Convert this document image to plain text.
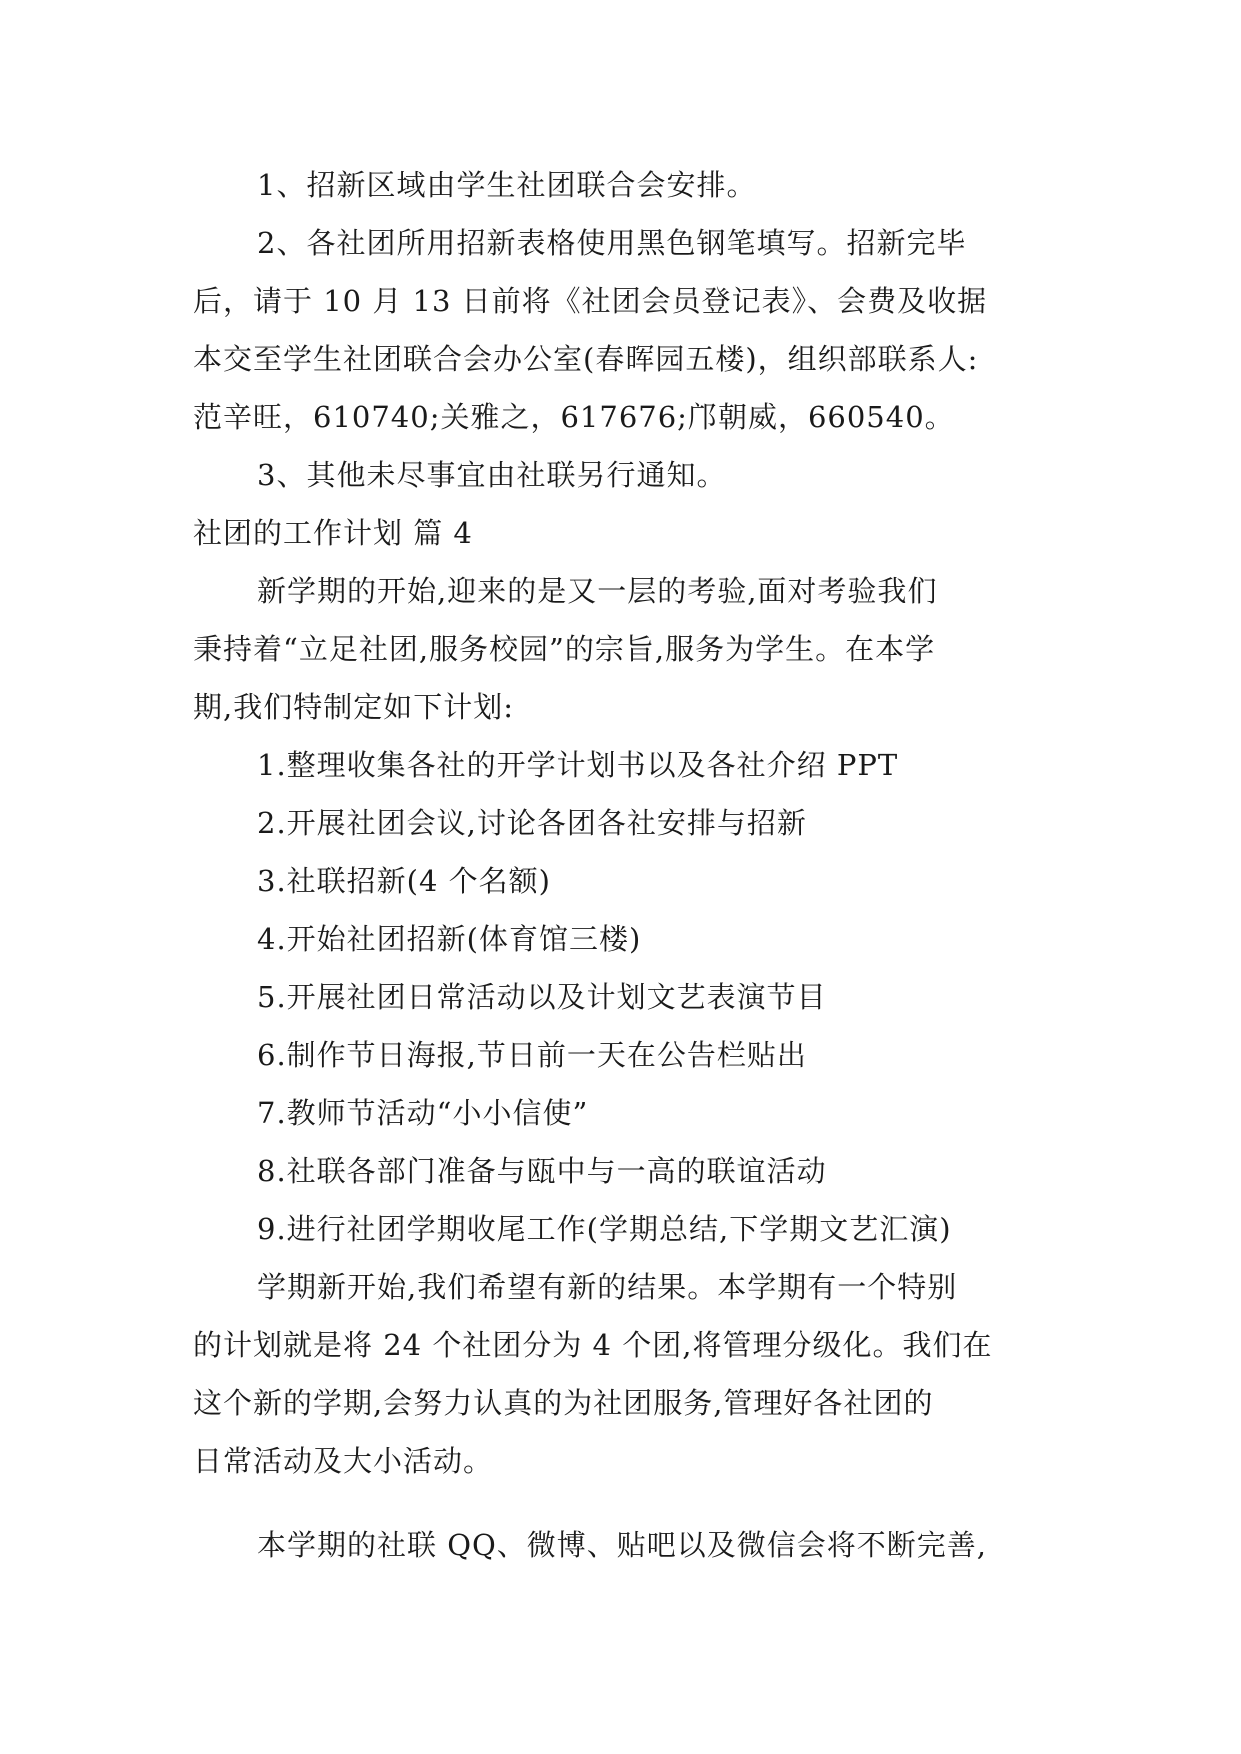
1、招新区域由学生社团联合会安排。
2、各社团所用招新表格使用黑色钢笔填写。招新完毕
后，请于 10 月 13 日前将《社团会员登记表》、会费及收据
本交至学生社团联合会办公室(春晖园五楼)，组织部联系人:
范辛旺，610740;关雅之，617676;邝朝威，660540。
3、其他未尽事宜由社联另行通知。
社团的工作计划 篇 4
新学期的开始,迎来的是又一层的考验,面对考验我们
秉持着“立足社团,服务校园”的宗旨,服务为学生。在本学
期,我们特制定如下计划:
1.整理收集各社的开学计划书以及各社介绍 PPT
2.开展社团会议,讨论各团各社安排与招新
3.社联招新(4 个名额)
4.开始社团招新(体育馆三楼)
5.开展社团日常活动以及计划文艺表演节目
6.制作节日海报,节日前一天在公告栏贴出
7.教师节活动“小小信使”
8.社联各部门准备与瓯中与一高的联谊活动
9.进行社团学期收尾工作(学期总结,下学期文艺汇演)
学期新开始,我们希望有新的结果。本学期有一个特别
的计划就是将 24 个社团分为 4 个团,将管理分级化。我们在
这个新的学期,会努力认真的为社团服务,管理好各社团的
日常活动及大小活动。
本学期的社联 QQ、微博、贴吧以及微信会将不断完善,
